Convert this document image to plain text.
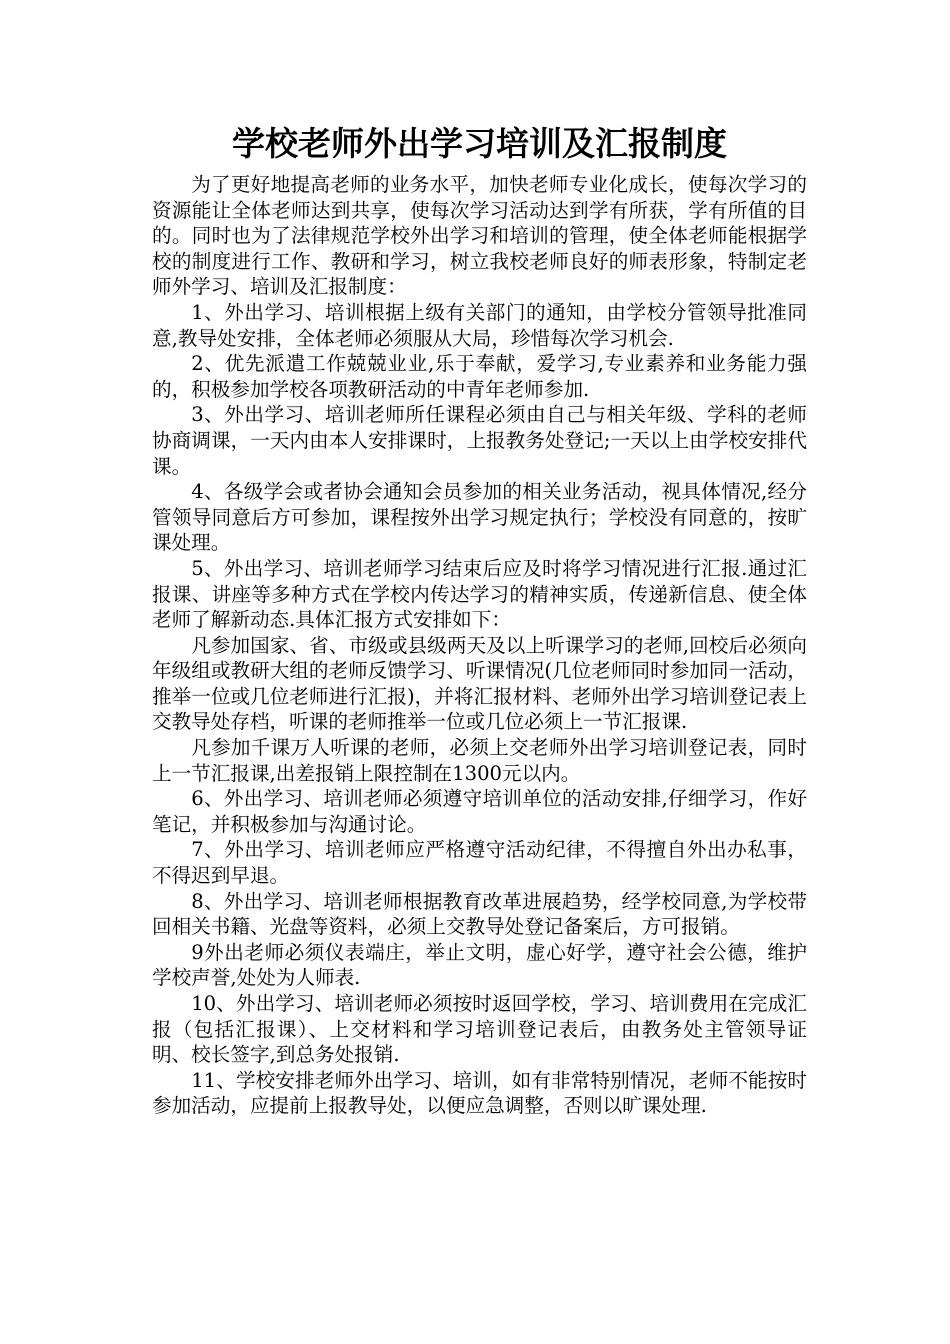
学校老师外出学习培训及汇报制度

为了更好地提高老师的业务水平，加快老师专业化成长，使每次学习的资源能让全体老师达到共享，使每次学习活动达到学有所获，学有所值的目的。同时也为了法律规范学校外出学习和培训的管理，使全体老师能根据学校的制度进行工作、教研和学习，树立我校老师良好的师表形象，特制定老师外学习、培训及汇报制度：

1、外出学习、培训根据上级有关部门的通知，由学校分管领导批准同意,教导处安排，全体老师必须服从大局，珍惜每次学习机会.

2、优先派遣工作兢兢业业,乐于奉献，爱学习,专业素养和业务能力强的，积极参加学校各项教研活动的中青年老师参加.

3、外出学习、培训老师所任课程必须由自己与相关年级、学科的老师协商调课，一天内由本人安排课时，上报教务处登记;一天以上由学校安排代课。

4、各级学会或者协会通知会员参加的相关业务活动，视具体情况,经分管领导同意后方可参加，课程按外出学习规定执行；学校没有同意的，按旷课处理。

5、外出学习、培训老师学习结束后应及时将学习情况进行汇报.通过汇报课、讲座等多种方式在学校内传达学习的精神实质，传递新信息、使全体老师了解新动态.具体汇报方式安排如下：

凡参加国家、省、市级或县级两天及以上听课学习的老师,回校后必须向年级组或教研大组的老师反馈学习、听课情况(几位老师同时参加同一活动，推举一位或几位老师进行汇报)，并将汇报材料、老师外出学习培训登记表上交教导处存档，听课的老师推举一位或几位必须上一节汇报课.

凡参加千课万人听课的老师，必须上交老师外出学习培训登记表，同时上一节汇报课,出差报销上限控制在1300元以内。

6、外出学习、培训老师必须遵守培训单位的活动安排,仔细学习，作好笔记，并积极参加与沟通讨论。

7、外出学习、培训老师应严格遵守活动纪律，不得擅自外出办私事，不得迟到早退。

8、外出学习、培训老师根据教育改革进展趋势，经学校同意,为学校带回相关书籍、光盘等资料，必须上交教导处登记备案后，方可报销。

9外出老师必须仪表端庄，举止文明，虚心好学，遵守社会公德，维护学校声誉,处处为人师表.

10、外出学习、培训老师必须按时返回学校，学习、培训费用在完成汇报（包括汇报课）、上交材料和学习培训登记表后，由教务处主管领导证明、校长签字,到总务处报销.

11、学校安排老师外出学习、培训，如有非常特别情况，老师不能按时参加活动，应提前上报教导处，以便应急调整，否则以旷课处理.
